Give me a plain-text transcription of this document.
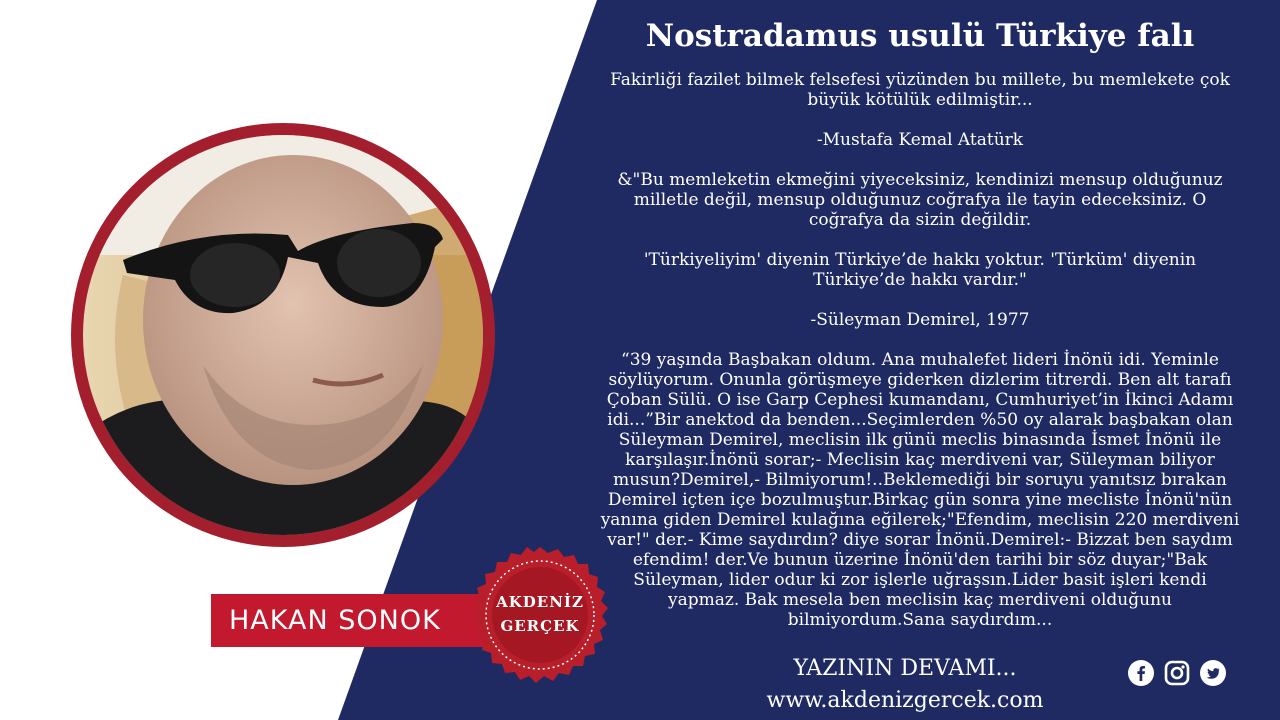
HAKAN SONOK
AKDENİZ
GERÇEK
Nostradamus usulü Türkiye falı

Fakirliği fazilet bilmek felsefesi yüzünden bu millete, bu memlekete çok büyük kötülük edilmiştir...

-Mustafa Kemal Atatürk

&"Bu memleketin ekmeğini yiyeceksiniz, kendinizi mensup olduğunuz milletle değil, mensup olduğunuz coğrafya ile tayin edeceksiniz. O coğrafya da sizin değildir.

'Türkiyeliyim' diyenin Türkiye’de hakkı yoktur. 'Türküm' diyenin Türkiye’de hakkı vardır."

-Süleyman Demirel, 1977

“39 yaşında Başbakan oldum. Ana muhalefet lideri İnönü idi. Yeminle söylüyorum. Onunla görüşmeye giderken dizlerim titrerdi. Ben alt tarafı Çoban Sülü. O ise Garp Cephesi kumandanı, Cumhuriyet’in İkinci Adamı idi...”Bir anektod da benden...Seçimlerden %50 oy alarak başbakan olan Süleyman Demirel, meclisin ilk günü meclis binasında İsmet İnönü ile karşılaşır.İnönü sorar;- Meclisin kaç merdiveni var, Süleyman biliyor musun?Demirel,- Bilmiyorum!..Beklemediği bir soruyu yanıtsız bırakan Demirel içten içe bozulmuştur.Birkaç gün sonra yine mecliste İnönü'nün yanına giden Demirel kulağına eğilerek;"Efendim, meclisin 220 merdiveni var!" der.- Kime saydırdın? diye sorar İnönü.Demirel:- Bizzat ben saydım efendim! der.Ve bunun üzerine İnönü'den tarihi bir söz duyar;"Bak Süleyman, lider odur ki zor işlerle uğraşsın.Lider basit işleri kendi yapmaz. Bak mesela ben meclisin kaç merdiveni olduğunu bilmiyordum.Sana saydırdım...

YAZININ DEVAMI...
www.akdenizgercek.com
